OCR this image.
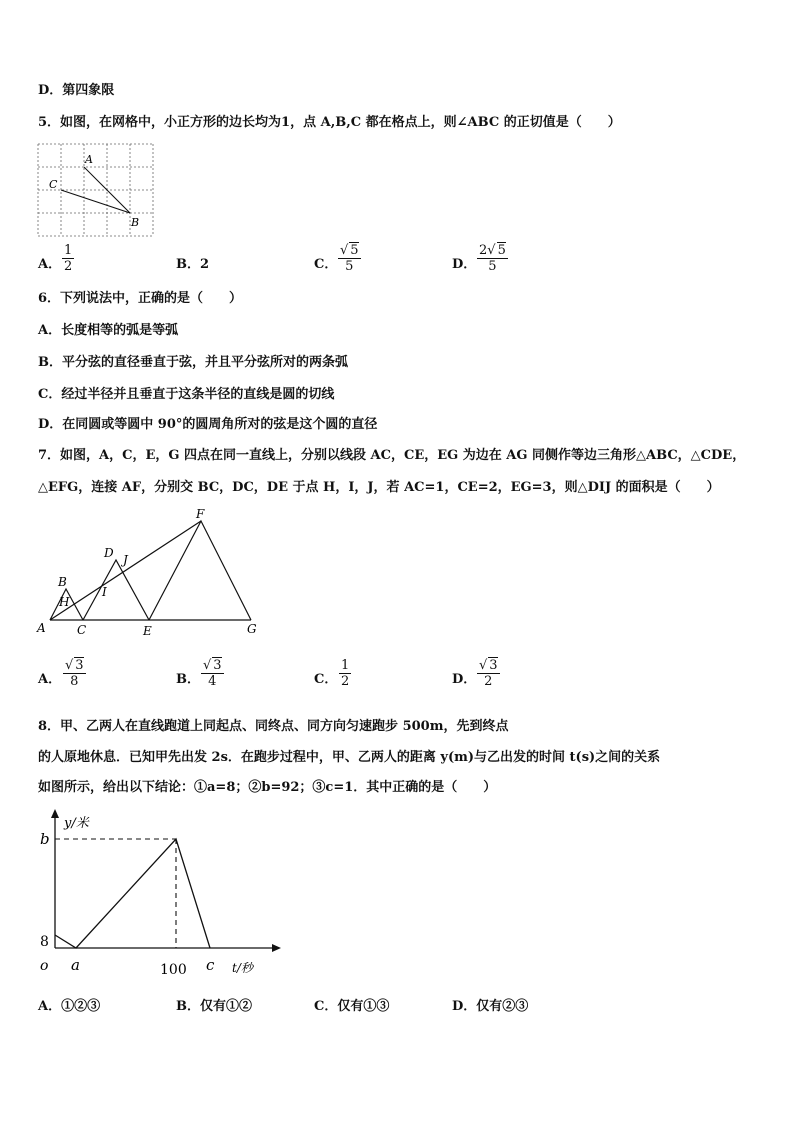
D．第四象限
5．如图，在网格中，小正方形的边长均为1，点 A,B,C 都在格点上，则∠ABC 的正切值是（　　）
A
C
B
A．
1
2	B．2	C．
√ 5
5	D．
2√ 5
5
6．下列说法中，正确的是（　　）
A．长度相等的弧是等弧
B．平分弦的直径垂直于弦，并且平分弦所对的两条弧
C．经过半径并且垂直于这条半径的直线是圆的切线
D．在同圆或等圆中 90°的圆周角所对的弦是这个圆的直径
7．如图，A，C，E，G 四点在同一直线上，分别以线段 AC，CE，EG 为边在 AG 同侧作等边三角形△ABC，△CDE，
△EFG，连接 AF，分别交 BC，DC，DE 于点 H，I，J，若 AC=1，CE=2，EG=3，则△DIJ 的面积是（　　）
A
B
H
C
I
D J
E
F
G
A．
√ 3
8	B．
√ 3
4	C．
1
2	D．
√ 3
2
8．甲、乙两人在直线跑道上同起点、同终点、同方向匀速跑步 500m，先到终点
的人原地休息．已知甲先出发 2s．在跑步过程中，甲、乙两人的距离 y(m)与乙出发的时间 t(s)之间的关系
如图所示，给出以下结论：①a=8；②b=92；③c=1．其中正确的是（　　）
y/米
b
8
o a	100 c t/秒
A．①②③	B．仅有①②	C．仅有①③	D．仅有②③
